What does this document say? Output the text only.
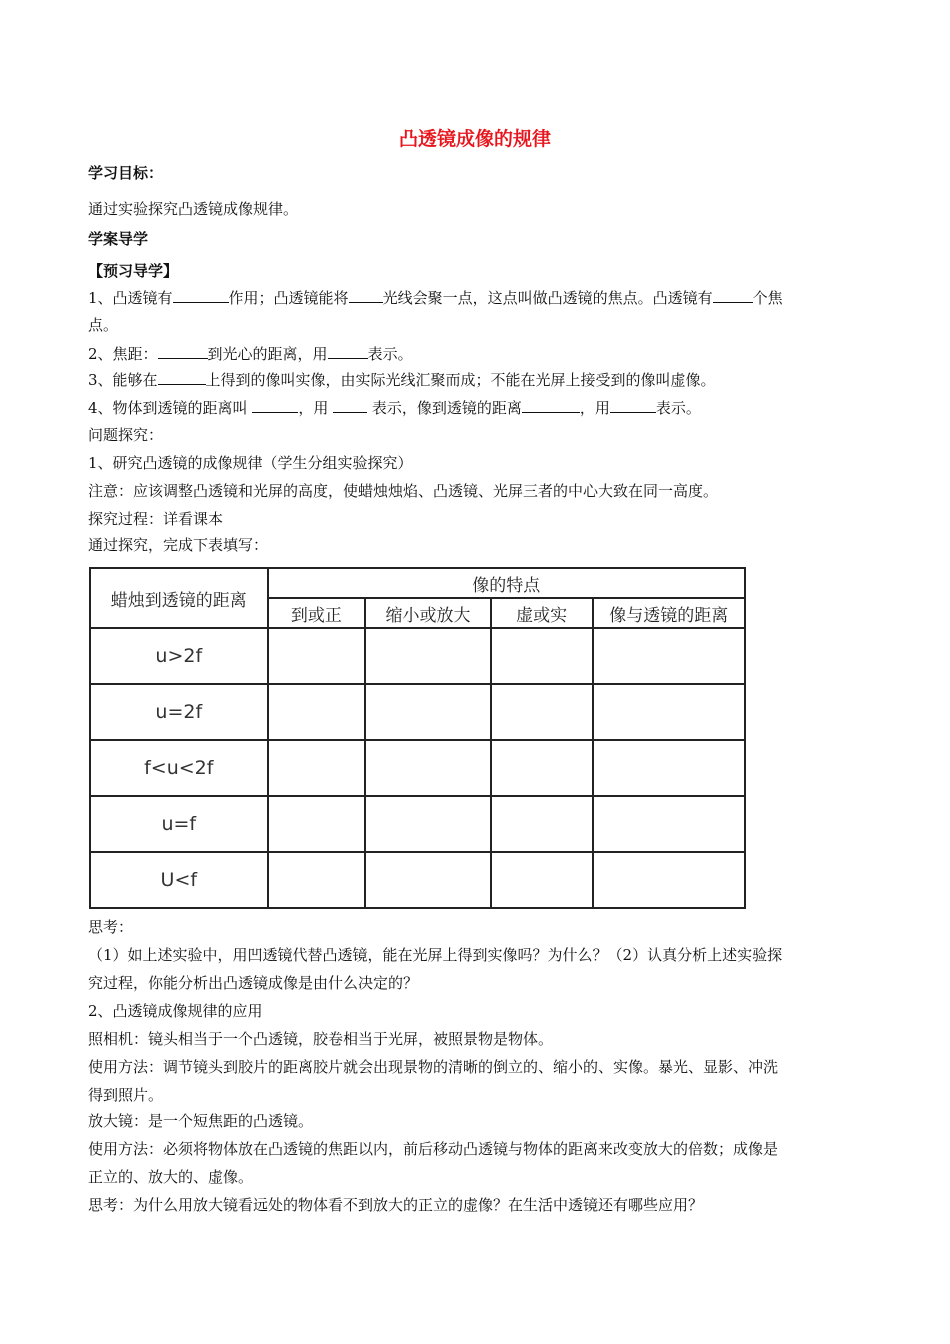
凸透镜成像的规律
学习目标：
通过实验探究凸透镜成像规律。
学案导学
【预习导学】
1、凸透镜有	作用；凸透镜能将 光线会聚一点，这点叫做凸透镜的焦点。凸透镜有	个焦
点。
2、焦距：	到光心的距离，用	表示。
3、能够在	上得到的像叫实像，由实际光线汇聚而成；不能在光屏上接受到的像叫虚像。
4、物体到透镜的距离叫	，用  表示，像到透镜的距离	，用	表示。
问题探究：
1、研究凸透镜的成像规律（学生分组实验探究）
注意：应该调整凸透镜和光屏的高度，使蜡烛烛焰、凸透镜、光屏三者的中心大致在同一高度。
探究过程：详看课本
通过探究，完成下表填写：
蜡烛到透镜的距离	像的特点			
	到或正	缩小或放大	虚或实	像与透镜的距离
u>2f				
u=2f				
f<u<2f				
u=f				
U<f				
思考：
（1）如上述实验中，用凹透镜代替凸透镜，能在光屏上得到实像吗？为什么？（2）认真分析上述实验探
究过程，你能分析出凸透镜成像是由什么决定的？
2、凸透镜成像规律的应用
照相机：镜头相当于一个凸透镜，胶卷相当于光屏，被照景物是物体。
使用方法：调节镜头到胶片的距离胶片就会出现景物的清晰的倒立的、缩小的、实像。暴光、显影、冲洗
得到照片。
放大镜：是一个短焦距的凸透镜。
使用方法：必须将物体放在凸透镜的焦距以内，前后移动凸透镜与物体的距离来改变放大的倍数；成像是
正立的、放大的、虚像。
思考：为什么用放大镜看远处的物体看不到放大的正立的虚像？在生活中透镜还有哪些应用？
